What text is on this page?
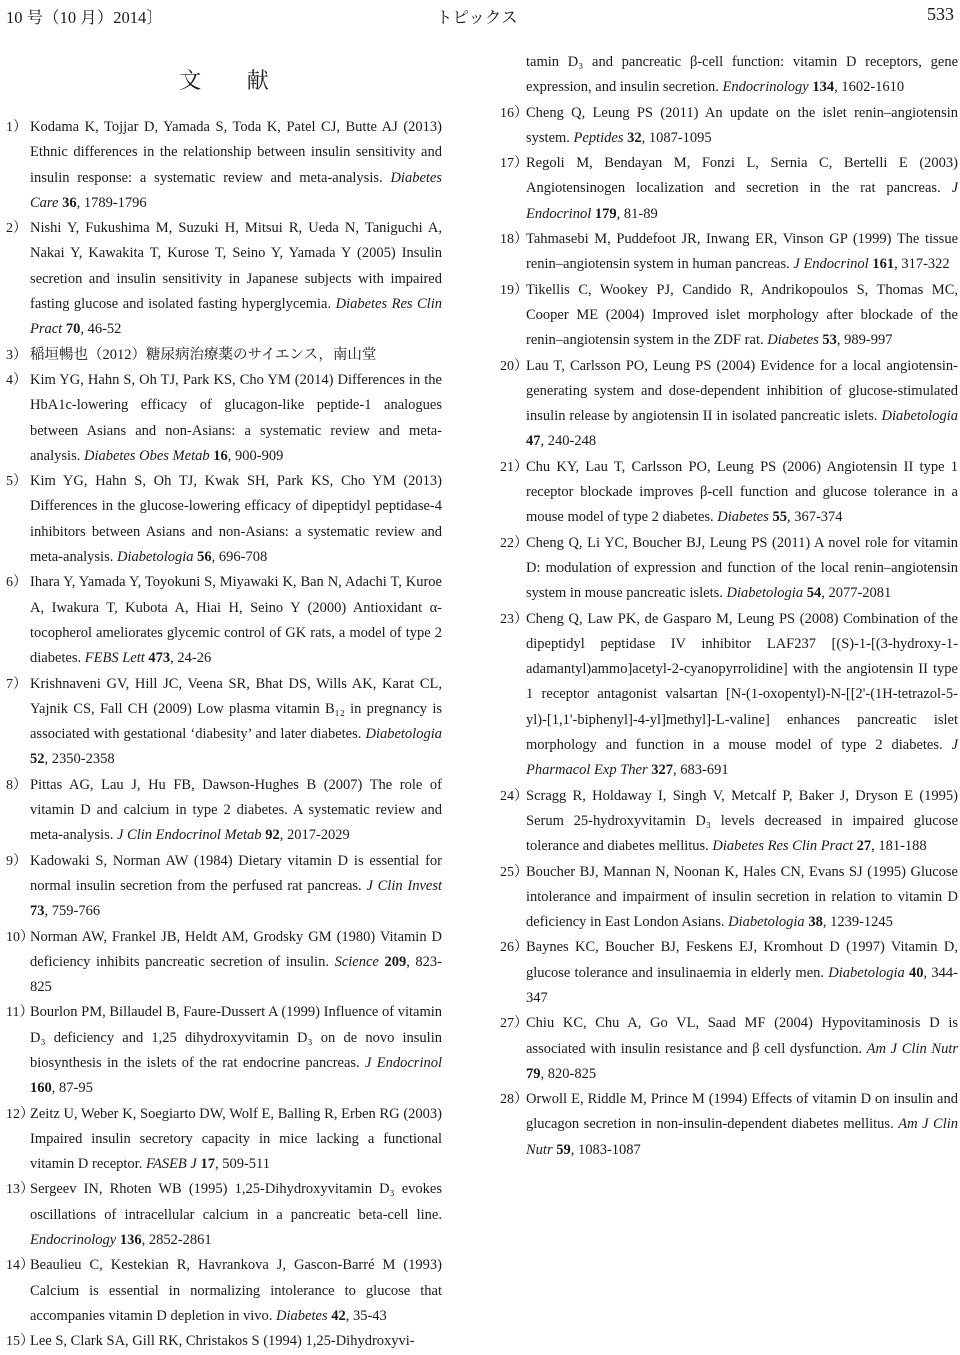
10 号（10 月）2014〕	トピックス	533
文 献
1） Kodama K, Tojjar D, Yamada S, Toda K, Patel CJ, Butte AJ (2013) Ethnic differences in the relationship between insulin sensitivity and insulin response: a systematic review and meta-analysis. Diabetes Care 36, 1789-1796
2） Nishi Y, Fukushima M, Suzuki H, Mitsui R, Ueda N, Taniguchi A, Nakai Y, Kawakita T, Kurose T, Seino Y, Yamada Y (2005) Insulin secretion and insulin sensitivity in Japanese subjects with impaired fasting glucose and isolated fasting hyperglycemia. Diabetes Res Clin Pract 70, 46-52
3） 稲垣暢也（2012）糖尿病治療薬のサイエンス，南山堂
4） Kim YG, Hahn S, Oh TJ, Park KS, Cho YM (2014) Differences in the HbA1c-lowering efficacy of glucagon-like peptide-1 analogues between Asians and non-Asians: a systematic review and meta-analysis. Diabetes Obes Metab 16, 900-909
5） Kim YG, Hahn S, Oh TJ, Kwak SH, Park KS, Cho YM (2013) Differences in the glucose-lowering efficacy of dipeptidyl peptidase-4 inhibitors between Asians and non-Asians: a systematic review and meta-analysis. Diabetologia 56, 696-708
6） Ihara Y, Yamada Y, Toyokuni S, Miyawaki K, Ban N, Adachi T, Kuroe A, Iwakura T, Kubota A, Hiai H, Seino Y (2000) Antioxidant α-tocopherol ameliorates glycemic control of GK rats, a model of type 2 diabetes. FEBS Lett 473, 24-26
7） Krishnaveni GV, Hill JC, Veena SR, Bhat DS, Wills AK, Karat CL, Yajnik CS, Fall CH (2009) Low plasma vitamin B₁₂ in pregnancy is associated with gestational ‘diabesity’ and later diabetes. Diabetologia 52, 2350-2358
8） Pittas AG, Lau J, Hu FB, Dawson-Hughes B (2007) The role of vitamin D and calcium in type 2 diabetes. A systematic review and meta-analysis. J Clin Endocrinol Metab 92, 2017-2029
9） Kadowaki S, Norman AW (1984) Dietary vitamin D is essential for normal insulin secretion from the perfused rat pancreas. J Clin Invest 73, 759-766
10）
Norman AW, Frankel JB, Heldt AM, Grodsky GM (1980) Vitamin D deficiency inhibits pancreatic secretion of insulin. Science 209, 823-825
11）
Bourlon PM, Billaudel B, Faure-Dussert A (1999) Influence of vitamin D₃ deficiency and 1,25 dihydroxyvitamin D₃ on de novo insulin biosynthesis in the islets of the rat endocrine pancreas. J Endocrinol 160, 87-95
12）
Zeitz U, Weber K, Soegiarto DW, Wolf E, Balling R, Erben RG (2003) Impaired insulin secretory capacity in mice lacking a functional vitamin D receptor. FASEB J 17, 509-511
13）
Sergeev IN, Rhoten WB (1995) 1,25-Dihydroxyvitamin D₃ evokes oscillations of intracellular calcium in a pancreatic beta-cell line. Endocrinology 136, 2852-2861
14）
Beaulieu C, Kestekian R, Havrankova J, Gascon-Barré M (1993) Calcium is essential in normalizing intolerance to glucose that accompanies vitamin D depletion in vivo. Diabetes 42, 35-43
15）
Lee S, Clark SA, Gill RK, Christakos S (1994) 1,25-Dihydroxyvi-
tamin D₃ and pancreatic β-cell function: vitamin D receptors, gene expression, and insulin secretion. Endocrinology 134, 1602-1610
16）
Cheng Q, Leung PS (2011) An update on the islet renin–angiotensin system. Peptides 32, 1087-1095
17）
Regoli M, Bendayan M, Fonzi L, Sernia C, Bertelli E (2003) Angiotensinogen localization and secretion in the rat pancreas. J Endocrinol 179, 81-89
18）
Tahmasebi M, Puddefoot JR, Inwang ER, Vinson GP (1999) The tissue renin–angiotensin system in human pancreas. J Endocrinol 161, 317-322
19）
Tikellis C, Wookey PJ, Candido R, Andrikopoulos S, Thomas MC, Cooper ME (2004) Improved islet morphology after blockade of the renin–angiotensin system in the ZDF rat. Diabetes 53, 989-997
20）
Lau T, Carlsson PO, Leung PS (2004) Evidence for a local angiotensin-generating system and dose-dependent inhibition of glucose-stimulated insulin release by angiotensin II in isolated pancreatic islets. Diabetologia 47, 240-248
21）
Chu KY, Lau T, Carlsson PO, Leung PS (2006) Angiotensin II type 1 receptor blockade improves β-cell function and glucose tolerance in a mouse model of type 2 diabetes. Diabetes 55, 367-374
22）
Cheng Q, Li YC, Boucher BJ, Leung PS (2011) A novel role for vitamin D: modulation of expression and function of the local renin–angiotensin system in mouse pancreatic islets. Diabetologia 54, 2077-2081
23）
Cheng Q, Law PK, de Gasparo M, Leung PS (2008) Combination of the dipeptidyl peptidase IV inhibitor LAF237 [(S)-1-[(3-hydroxy-1-adamantyl)ammo]acetyl-2-cyanopyrrolidine] with the angiotensin II type 1 receptor antagonist valsartan [N-(1-oxopentyl)-N-[[2'-(1H-tetrazol-5-yl)-[1,1'-biphenyl]-4-yl]methyl]-L-valine] enhances pancreatic islet morphology and function in a mouse model of type 2 diabetes. J Pharmacol Exp Ther 327, 683-691
24）
Scragg R, Holdaway I, Singh V, Metcalf P, Baker J, Dryson E (1995) Serum 25-hydroxyvitamin D₃ levels decreased in impaired glucose tolerance and diabetes mellitus. Diabetes Res Clin Pract 27, 181-188
25）
Boucher BJ, Mannan N, Noonan K, Hales CN, Evans SJ (1995) Glucose intolerance and impairment of insulin secretion in relation to vitamin D deficiency in East London Asians. Diabetologia 38, 1239-1245
26）
Baynes KC, Boucher BJ, Feskens EJ, Kromhout D (1997) Vitamin D, glucose tolerance and insulinaemia in elderly men. Diabetologia 40, 344-347
27）
Chiu KC, Chu A, Go VL, Saad MF (2004) Hypovitaminosis D is associated with insulin resistance and β cell dysfunction. Am J Clin Nutr 79, 820-825
28）
Orwoll E, Riddle M, Prince M (1994) Effects of vitamin D on insulin and glucagon secretion in non-insulin-dependent diabetes mellitus. Am J Clin Nutr 59, 1083-1087
